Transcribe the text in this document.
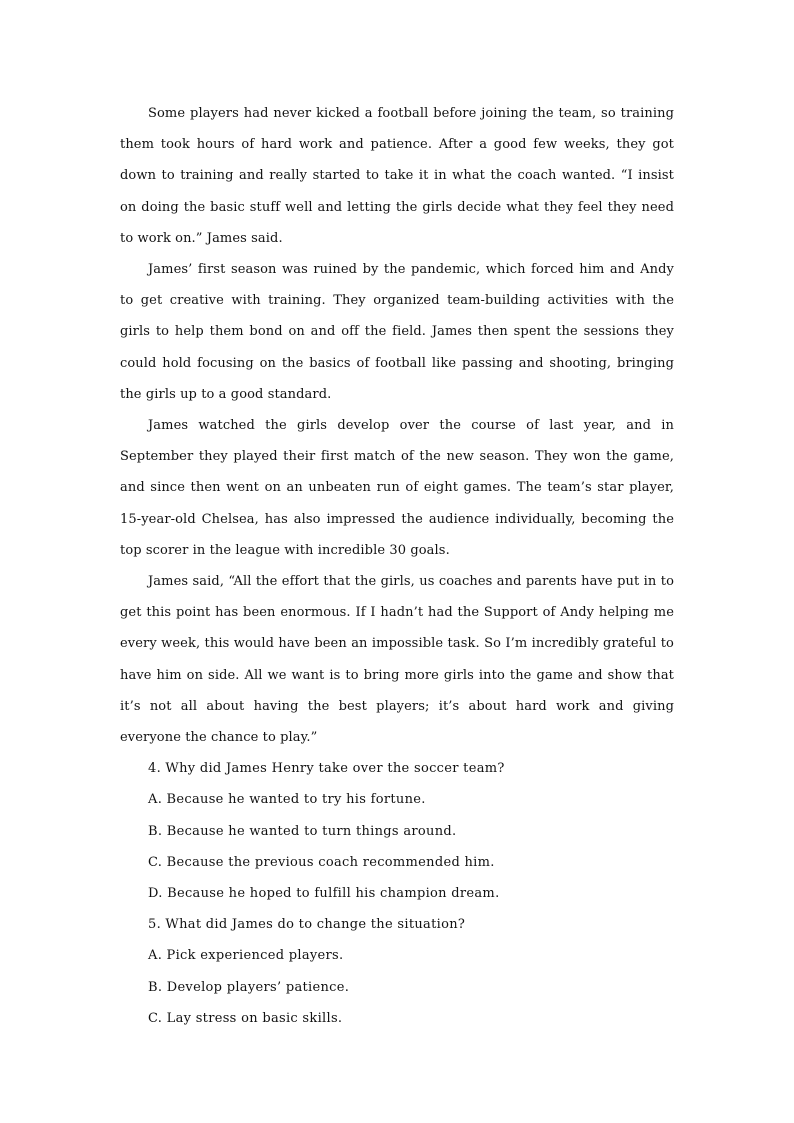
Some players had never kicked a football before joining the team, so training them took hours of hard work and patience. After a good few weeks, they got down to training and really started to take it in what the coach wanted. “I insist on doing the basic stuff well and letting the girls decide what they feel they need to work on.” James said.

James’ first season was ruined by the pandemic, which forced him and Andy to get creative with training. They organized team-building activities with the girls to help them bond on and off the field. James then spent the sessions they could hold focusing on the basics of football like passing and shooting, bringing the girls up to a good standard.

James watched the girls develop over the course of last year, and in September they played their first match of the new season. They won the game, and since then went on an unbeaten run of eight games. The team’s star player, 15-year-old Chelsea, has also impressed the audience individually, becoming the top scorer in the league with incredible 30 goals.

James said, “All the effort that the girls, us coaches and parents have put in to get this point has been enormous. If I hadn’t had the Support of Andy helping me every week, this would have been an impossible task. So I’m incredibly grateful to have him on side. All we want is to bring more girls into the game and show that it’s not all about having the best players; it’s about hard work and giving everyone the chance to play.”

4. Why did James Henry take over the soccer team?

A. Because he wanted to try his fortune.

B. Because he wanted to turn things around.

C. Because the previous coach recommended him.

D. Because he hoped to fulfill his champion dream.

5. What did James do to change the situation?

A. Pick experienced players.

B. Develop players’ patience.

C. Lay stress on basic skills.
